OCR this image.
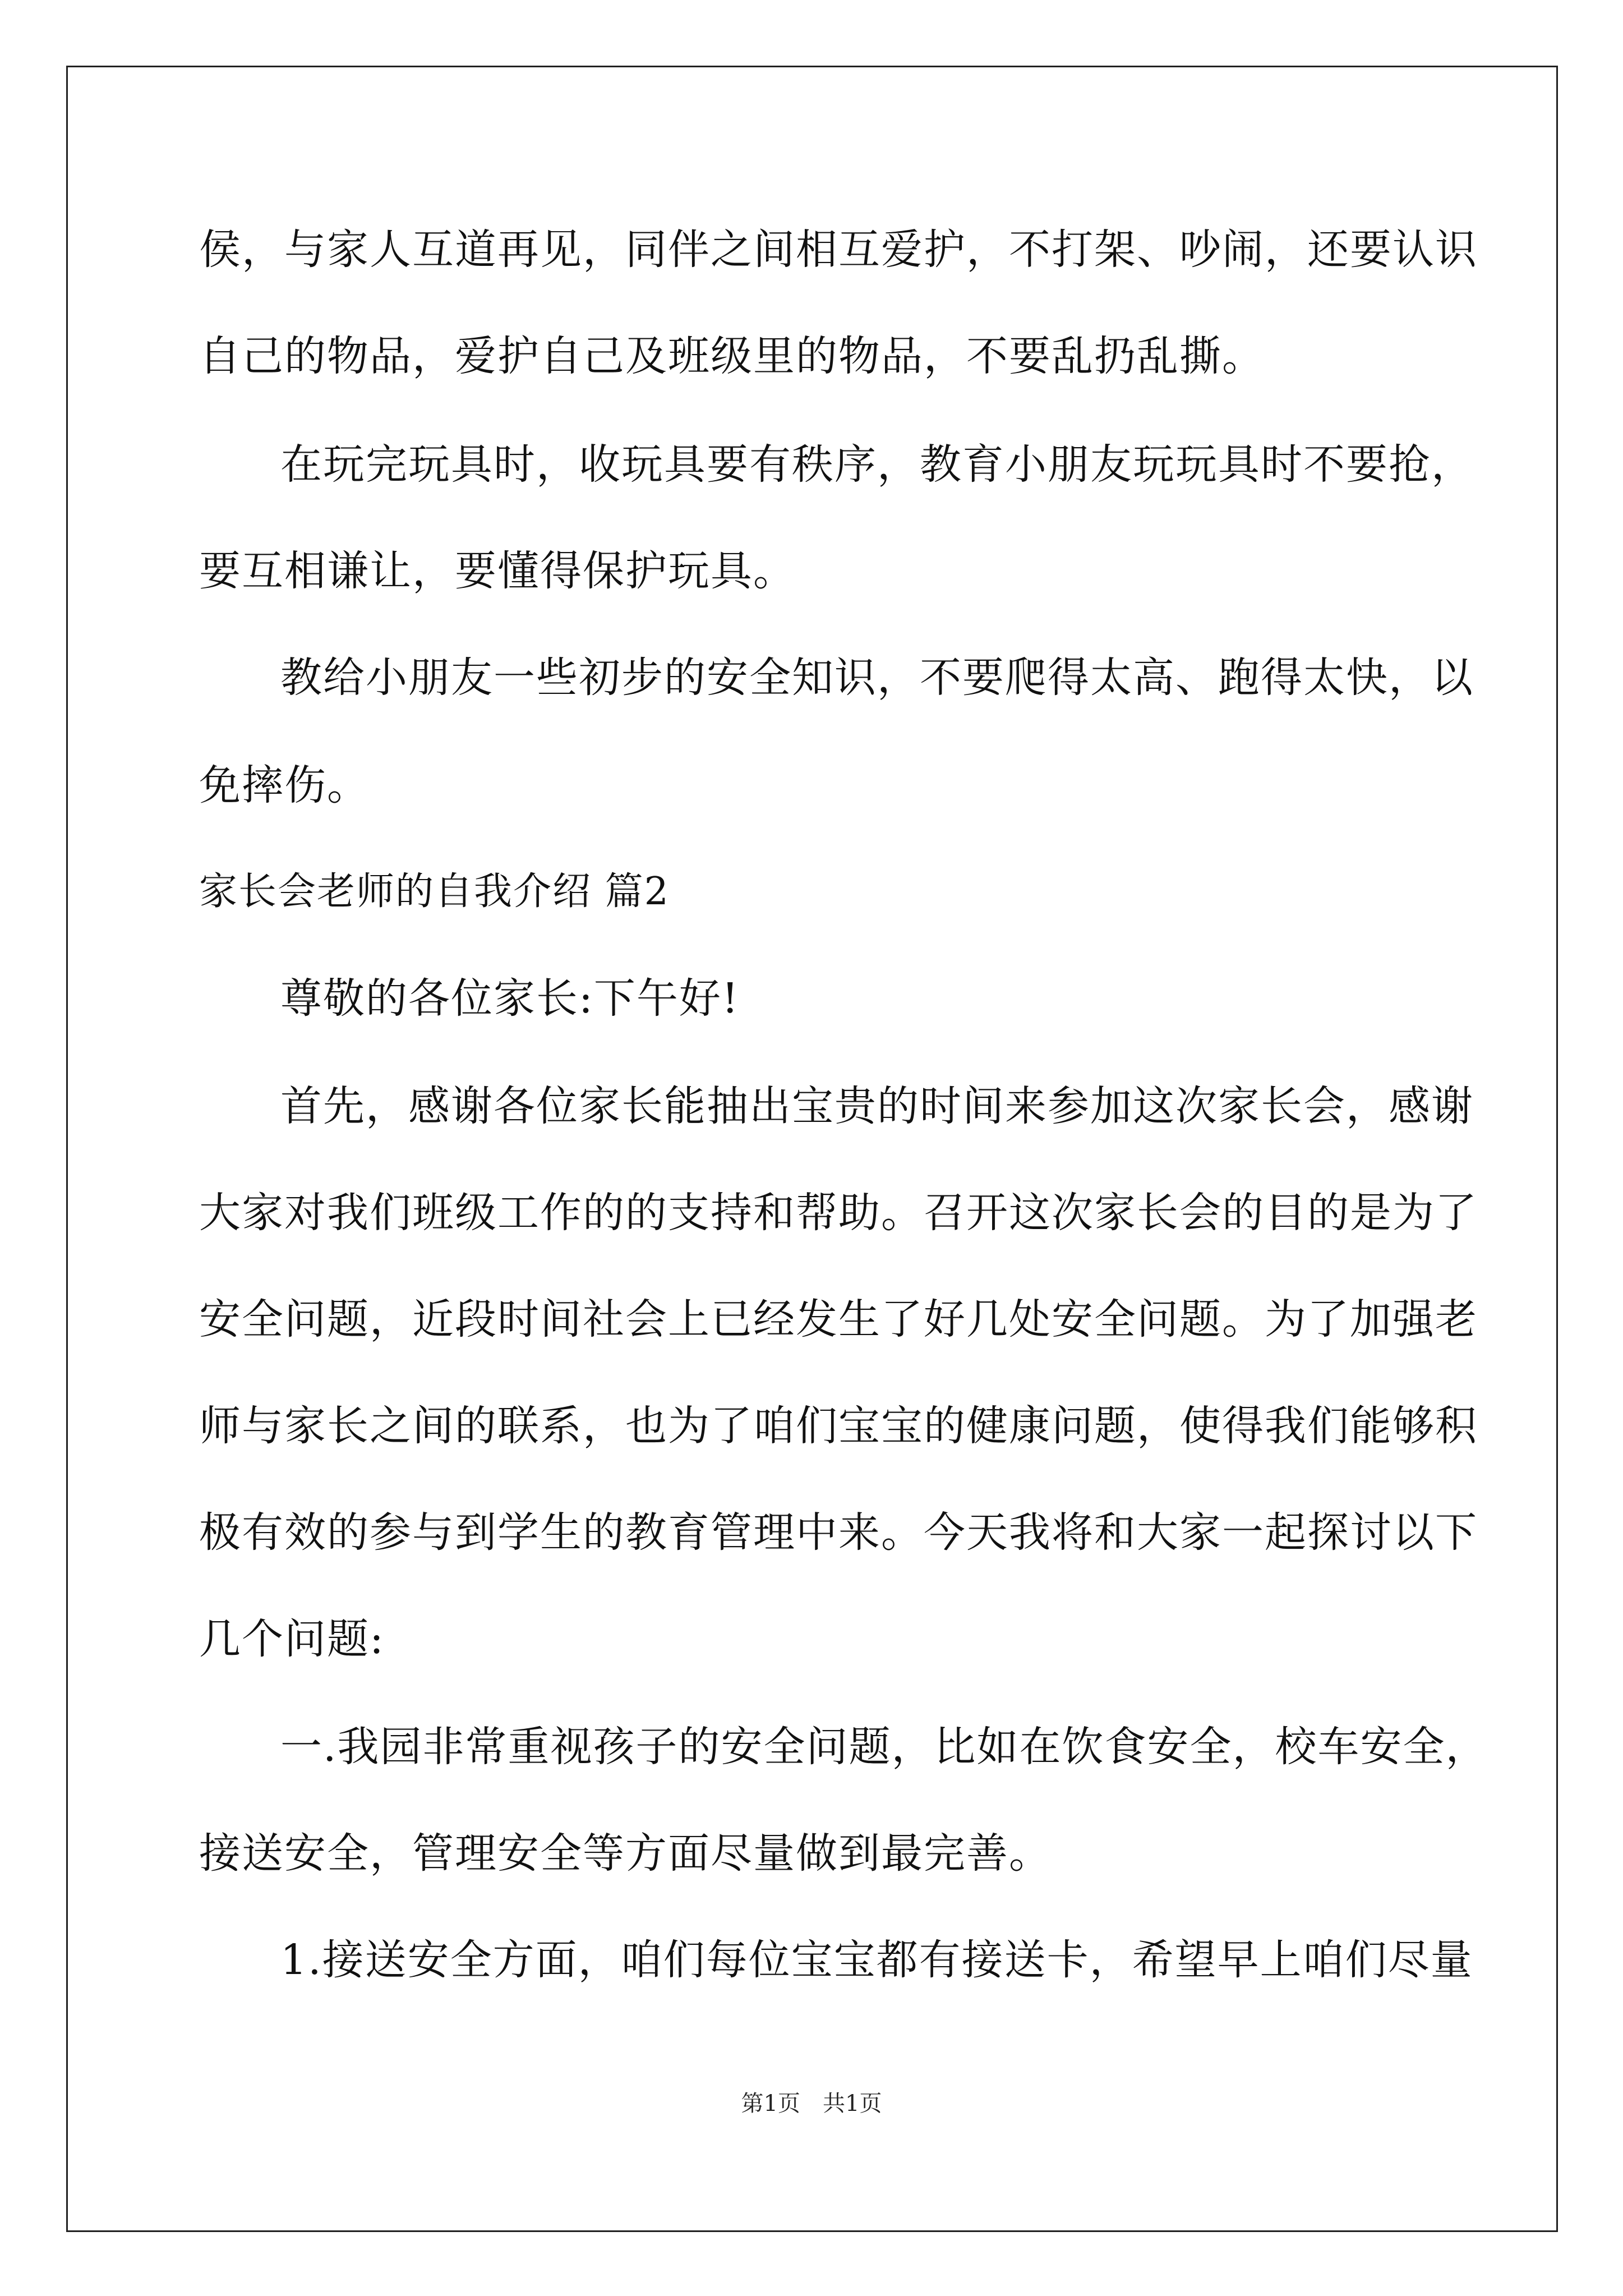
侯，与家人互道再见，同伴之间相互爱护，不打架、吵闹，还要认识
自己的物品，爱护自己及班级里的物品，不要乱扔乱撕。
在玩完玩具时，收玩具要有秩序，教育小朋友玩玩具时不要抢，
要互相谦让，要懂得保护玩具。
教给小朋友一些初步的安全知识，不要爬得太高、跑得太快，以
免摔伤。
家长会老师的自我介绍 篇2
尊敬的各位家长:下午好!
首先，感谢各位家长能抽出宝贵的时间来参加这次家长会，感谢
大家对我们班级工作的的支持和帮助。召开这次家长会的目的是为了
安全问题，近段时间社会上已经发生了好几处安全问题。为了加强老
师与家长之间的联系，也为了咱们宝宝的健康问题，使得我们能够积
极有效的参与到学生的教育管理中来。今天我将和大家一起探讨以下
几个问题:
一.我园非常重视孩子的安全问题，比如在饮食安全，校车安全，
接送安全，管理安全等方面尽量做到最完善。
1.接送安全方面，咱们每位宝宝都有接送卡，希望早上咱们尽量
第1页　共1页
